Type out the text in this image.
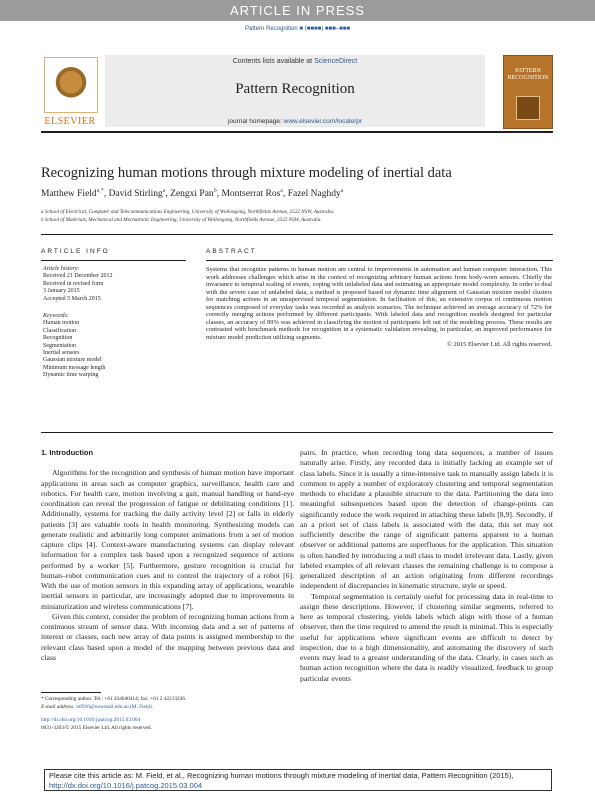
ARTICLE IN PRESS
Pattern Recognition ■ (■■■■) ■■■–■■■
ELSEVIER
Contents lists available at ScienceDirect
Pattern Recognition
journal homepage: www.elsevier.com/locate/pr
PATTERN RECOGNITION
Recognizing human motions through mixture modeling of inertial data
Matthew Field$^{a,*}$, David Stirling$^a$, Zengxi Pan$^b$, Montserrat Ros$^a$, Fazel Naghdy$^a$
a School of Electrical, Computer and Telecommunications Engineering, University of Wollongong, Northfields Avenue, 2522 NSW, Australia.
b School of Materials, Mechanical and Mechatronic Engineering, University of Wollongong, Northfields Avenue, 2522 NSW, Australia.
ARTICLE INFO	ABSTRACT
Article history:
Received 21 December 2012
Received in revised form
3 January 2015
Accepted 5 March 2015
Keywords:
Human motion
Classification
Recognition
Segmentation
Inertial sensors
Gaussian mixture model
Minimum message length
Dynamic time warping
Systems that recognize patterns in human motion are central to improvements in automation and human computer interaction. This work addresses challenges which arise in the context of recognizing arbitrary human actions from body-worn sensors. Chiefly the invariance to temporal scaling of events, coping with unlabeled data and estimating an appropriate model complexity. In order to deal with the severe case of unlabeled data, a method is proposed based on dynamic time alignment of Gaussian mixture model clusters for matching actions in an unsupervised temporal segmentation. In facilitation of this, an extensive corpus of continuous motion sequences composed of everyday tasks was recorded as analysis scenarios. The technique achieved an average accuracy of 72% for correctly merging actions performed by different participants. With labeled data and recognition models designed for particular classes, an accuracy of 89% was achieved in classifying the motion of participants left out of the modeling process. These results are contrasted with benchmark methods for recognition in a systematic validation revealing, in particular, an improved performance for mixture model prediction utilizing segments.
© 2015 Elsevier Ltd. All rights reserved.
1. Introduction

Algorithms for the recognition and synthesis of human motion have important applications in areas such as computer graphics, surveillance, health care and robotics. For health care, motion involving a gait, manual handling or hand-eye coordination can reveal the progression of fatigue or debilitating conditions [1]. Additionally, systems for tracking the daily activity level [2] or falls in elderly patients [3] are valuable tools in health monitoring. Synthesizing models can generate realistic and arbitrarily long computer animations from a set of motion capture clips [4]. Context-aware manufacturing systems can display relevant information for a complex task based upon a recognized sequence of actions performed by a worker [5]. Furthermore, gesture recognition is crucial for human–robot communication cues and to control the trajectory of a robot [6]. With the use of motion sensors in this expanding array of applications, wearable inertial sensors in particular, are increasingly adopted due to improvements in miniaturization and wireless communications [7].

Given this context, consider the problem of recognizing human actions from a continuous stream of sensor data. With incoming data and a set of patterns of interest or classes, each new array of data points is assigned membership to the relevant class based upon a model of the mapping between previous data and class

pairs. In practice, when recording long data sequences, a number of issues naturally arise. Firstly, any recorded data is initially lacking an example set of class labels. Since it is usually a time-intensive task to manually assign labels it is common to apply a number of exploratory clustering and temporal segmentation methods to elucidate a plausible structure to the data. Partitioning the data into meaningful subsequences based upon the detection of change-points can significantly reduce the work required in attaching these labels [8,9]. Secondly, if an a priori set of class labels is associated with the data, this set may not sufficiently describe the range of significant patterns apparent to a human observer or additional patterns are superfluous for the application. This situation is often handled by introducing a null class to model irrelevant data. Lastly, given labeled examples of all relevant classes the remaining challenge is to compose a generalized description of an action originating from different recordings independent of discrepancies in kinematic structure, style or speed.

Temporal segmentation is certainly useful for processing data in real-time to assign these descriptions. However, if clustering similar segments, referred to here as temporal clustering, yields labels which align with those of a human observer, then the time required to amend the result is minimal. This is especially useful for applications where significant events are difficult to detect by inspection, due to a high dimensionality, and automating the discovery of such events may lead to a greater understanding of the data. Clearly, in cases such as human action recognition where the data is readily visualized, feedback to group particular events

* Corresponding author. Tel.: +61 434040414; fax: +61 2 42213236.
E-mail address: mf910@uowmail.edu.au (M. Field).
http://dx.doi.org/10.1016/j.patcog.2015.03.004
0031-3203/© 2015 Elsevier Ltd. All rights reserved.
Please cite this article as: M. Field, et al., Recognizing human motions through mixture modeling of inertial data, Pattern Recognition (2015), http://dx.doi.org/10.1016/j.patcog.2015.03.004
